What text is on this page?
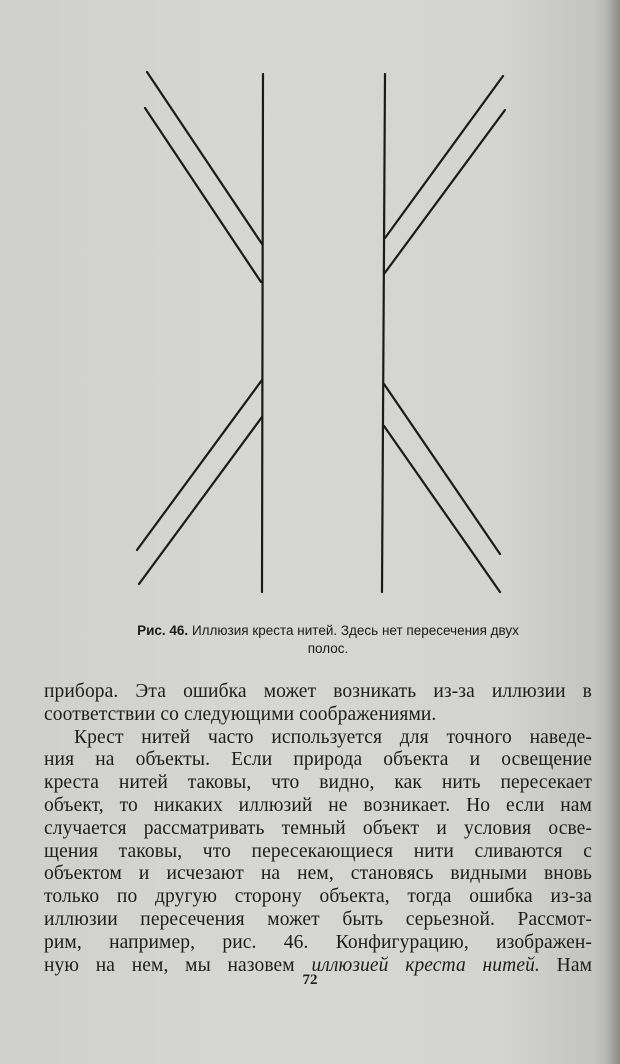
Рис. 46. Иллюзия креста нитей. Здесь нет пересечения двух
полос.
прибора. Эта ошибка может возникать из-за иллюзии в
соответствии со следующими соображениями.
Крест нитей часто используется для точного наведе-
ния на объекты. Если природа объекта и освещение
креста нитей таковы, что видно, как нить пересекает
объект, то никаких иллюзий не возникает. Но если нам
случается рассматривать темный объект и условия осве-
щения таковы, что пересекающиеся нити сливаются с
объектом и исчезают на нем, становясь видными вновь
только по другую сторону объекта, тогда ошибка из-за
иллюзии пересечения может быть серьезной. Рассмот-
рим, например, рис. 46. Конфигурацию, изображен-
ную на нем, мы назовем иллюзией креста нитей. Нам
72
